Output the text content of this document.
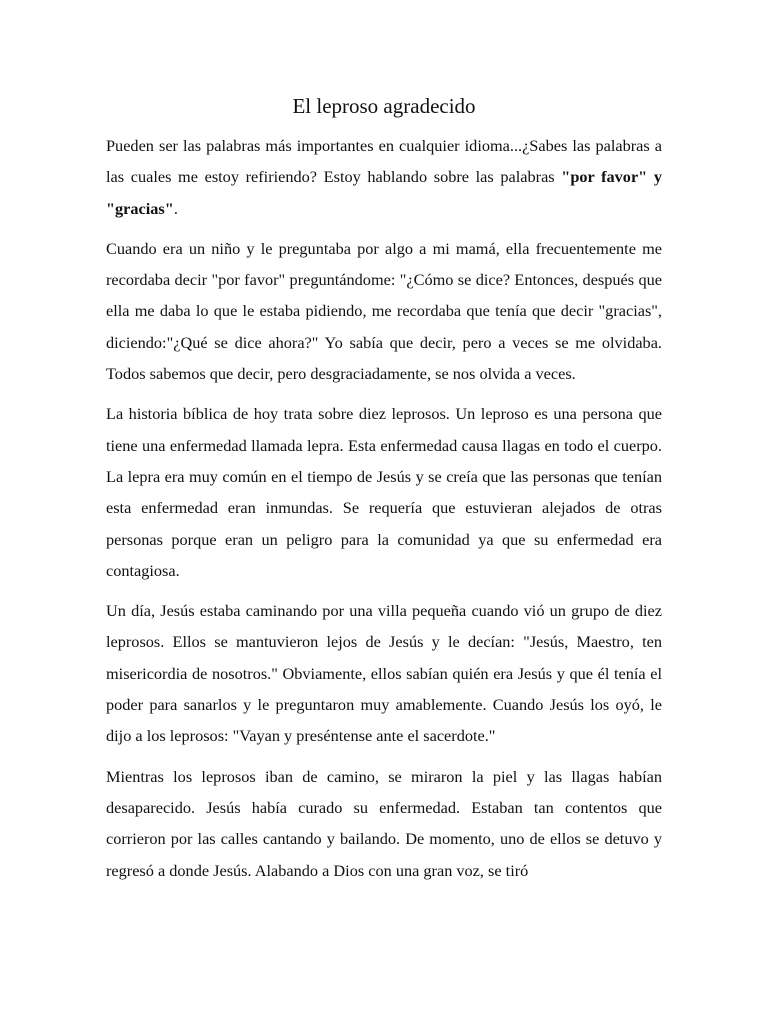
El leproso agradecido

Pueden ser las palabras más importantes en cualquier idioma...¿Sabes las palabras a las cuales me estoy refiriendo? Estoy hablando sobre las palabras "por favor" y "gracias".

Cuando era un niño y le preguntaba por algo a mi mamá, ella frecuentemente me recordaba decir "por favor" preguntándome: "¿Cómo se dice? Entonces, después que ella me daba lo que le estaba pidiendo, me recordaba que tenía que decir "gracias", diciendo:"¿Qué se dice ahora?" Yo sabía que decir, pero a veces se me olvidaba. Todos sabemos que decir, pero desgraciadamente, se nos olvida a veces.

La historia bíblica de hoy trata sobre diez leprosos. Un leproso es una persona que tiene una enfermedad llamada lepra. Esta enfermedad causa llagas en todo el cuerpo. La lepra era muy común en el tiempo de Jesús y se creía que las personas que tenían esta enfermedad eran inmundas. Se requería que estuvieran alejados de otras personas porque eran un peligro para la comunidad ya que su enfermedad era contagiosa.

Un día, Jesús estaba caminando por una villa pequeña cuando vió un grupo de diez leprosos. Ellos se mantuvieron lejos de Jesús y le decían: "Jesús, Maestro, ten misericordia de nosotros." Obviamente, ellos sabían quién era Jesús y que él tenía el poder para sanarlos y le preguntaron muy amablemente. Cuando Jesús los oyó, le dijo a los leprosos: "Vayan y preséntense ante el sacerdote."

Mientras los leprosos iban de camino, se miraron la piel y las llagas habían desaparecido. Jesús había curado su enfermedad. Estaban tan contentos que corrieron por las calles cantando y bailando. De momento, uno de ellos se detuvo y regresó a donde Jesús. Alabando a Dios con una gran voz, se tiró
